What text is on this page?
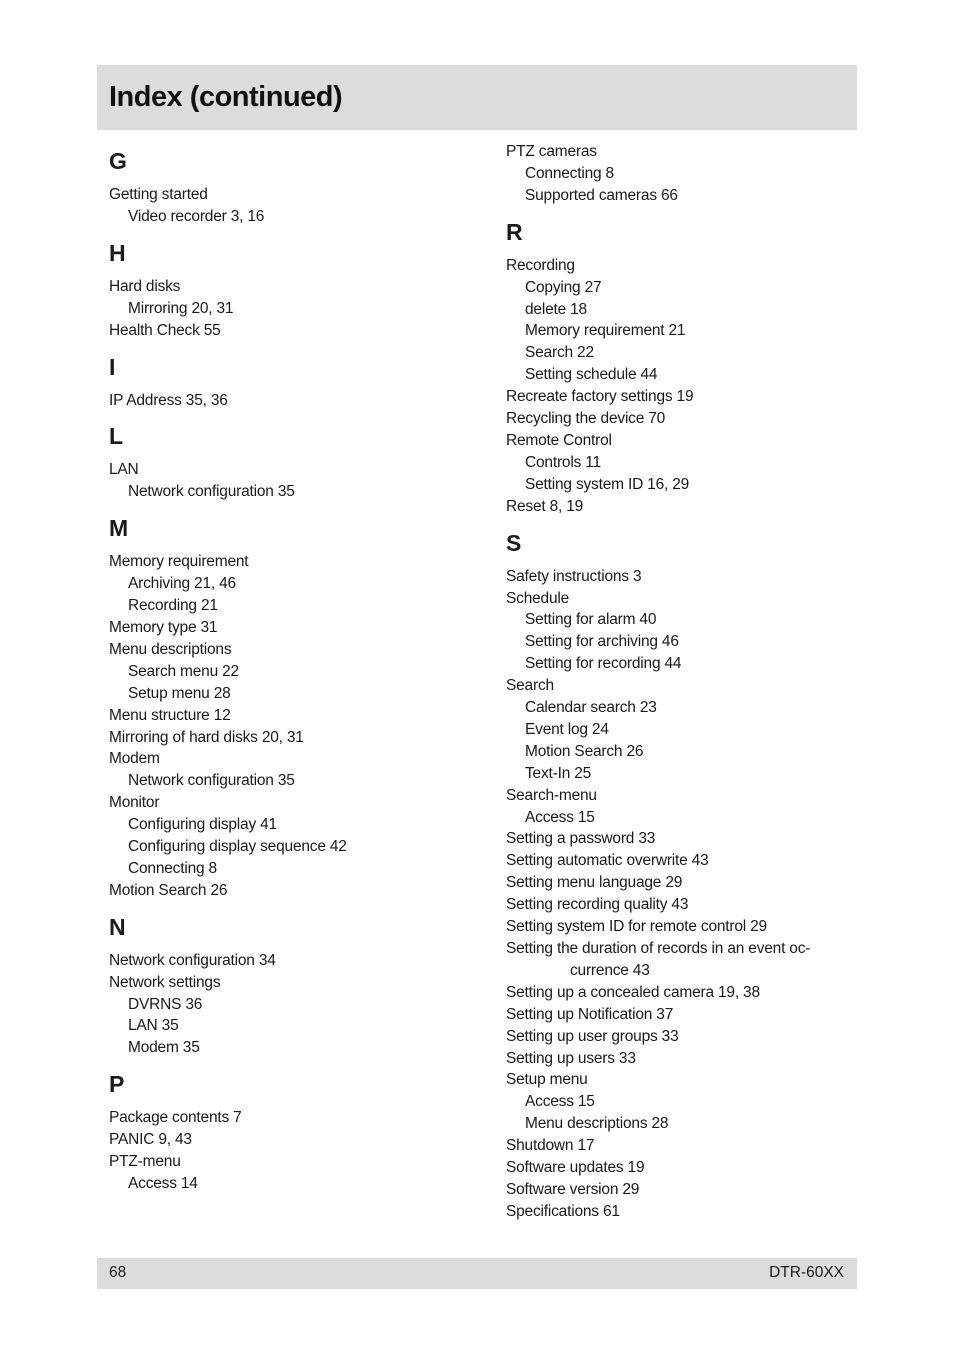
Index (continued)
G
Getting started
Video recorder 3, 16
H
Hard disks
Mirroring 20, 31
Health Check 55
I
IP Address 35, 36
L
LAN
Network configuration 35
M
Memory requirement
Archiving 21, 46
Recording 21
Memory type 31
Menu descriptions
Search menu 22
Setup menu 28
Menu structure 12
Mirroring of hard disks 20, 31
Modem
Network configuration 35
Monitor
Configuring display 41
Configuring display sequence 42
Connecting 8
Motion Search 26
N
Network configuration 34
Network settings
DVRNS 36
LAN 35
Modem 35
P
Package contents 7
PANIC 9, 43
PTZ-menu
Access 14
PTZ cameras
Connecting 8
Supported cameras 66
R
Recording
Copying 27
delete 18
Memory requirement 21
Search 22
Setting schedule 44
Recreate factory settings 19
Recycling the device 70
Remote Control
Controls 11
Setting system ID 16, 29
Reset 8, 19
S
Safety instructions 3
Schedule
Setting for alarm 40
Setting for archiving 46
Setting for recording 44
Search
Calendar search 23
Event log 24
Motion Search 26
Text-In 25
Search-menu
Access 15
Setting a password 33
Setting automatic overwrite 43
Setting menu language 29
Setting recording quality 43
Setting system ID for remote control 29
Setting the duration of records in an event oc-
currence 43
Setting up a concealed camera 19, 38
Setting up Notification 37
Setting up user groups 33
Setting up users 33
Setup menu
Access 15
Menu descriptions 28
Shutdown 17
Software updates 19
Software version 29
Specifications 61
68	DTR-60XX
